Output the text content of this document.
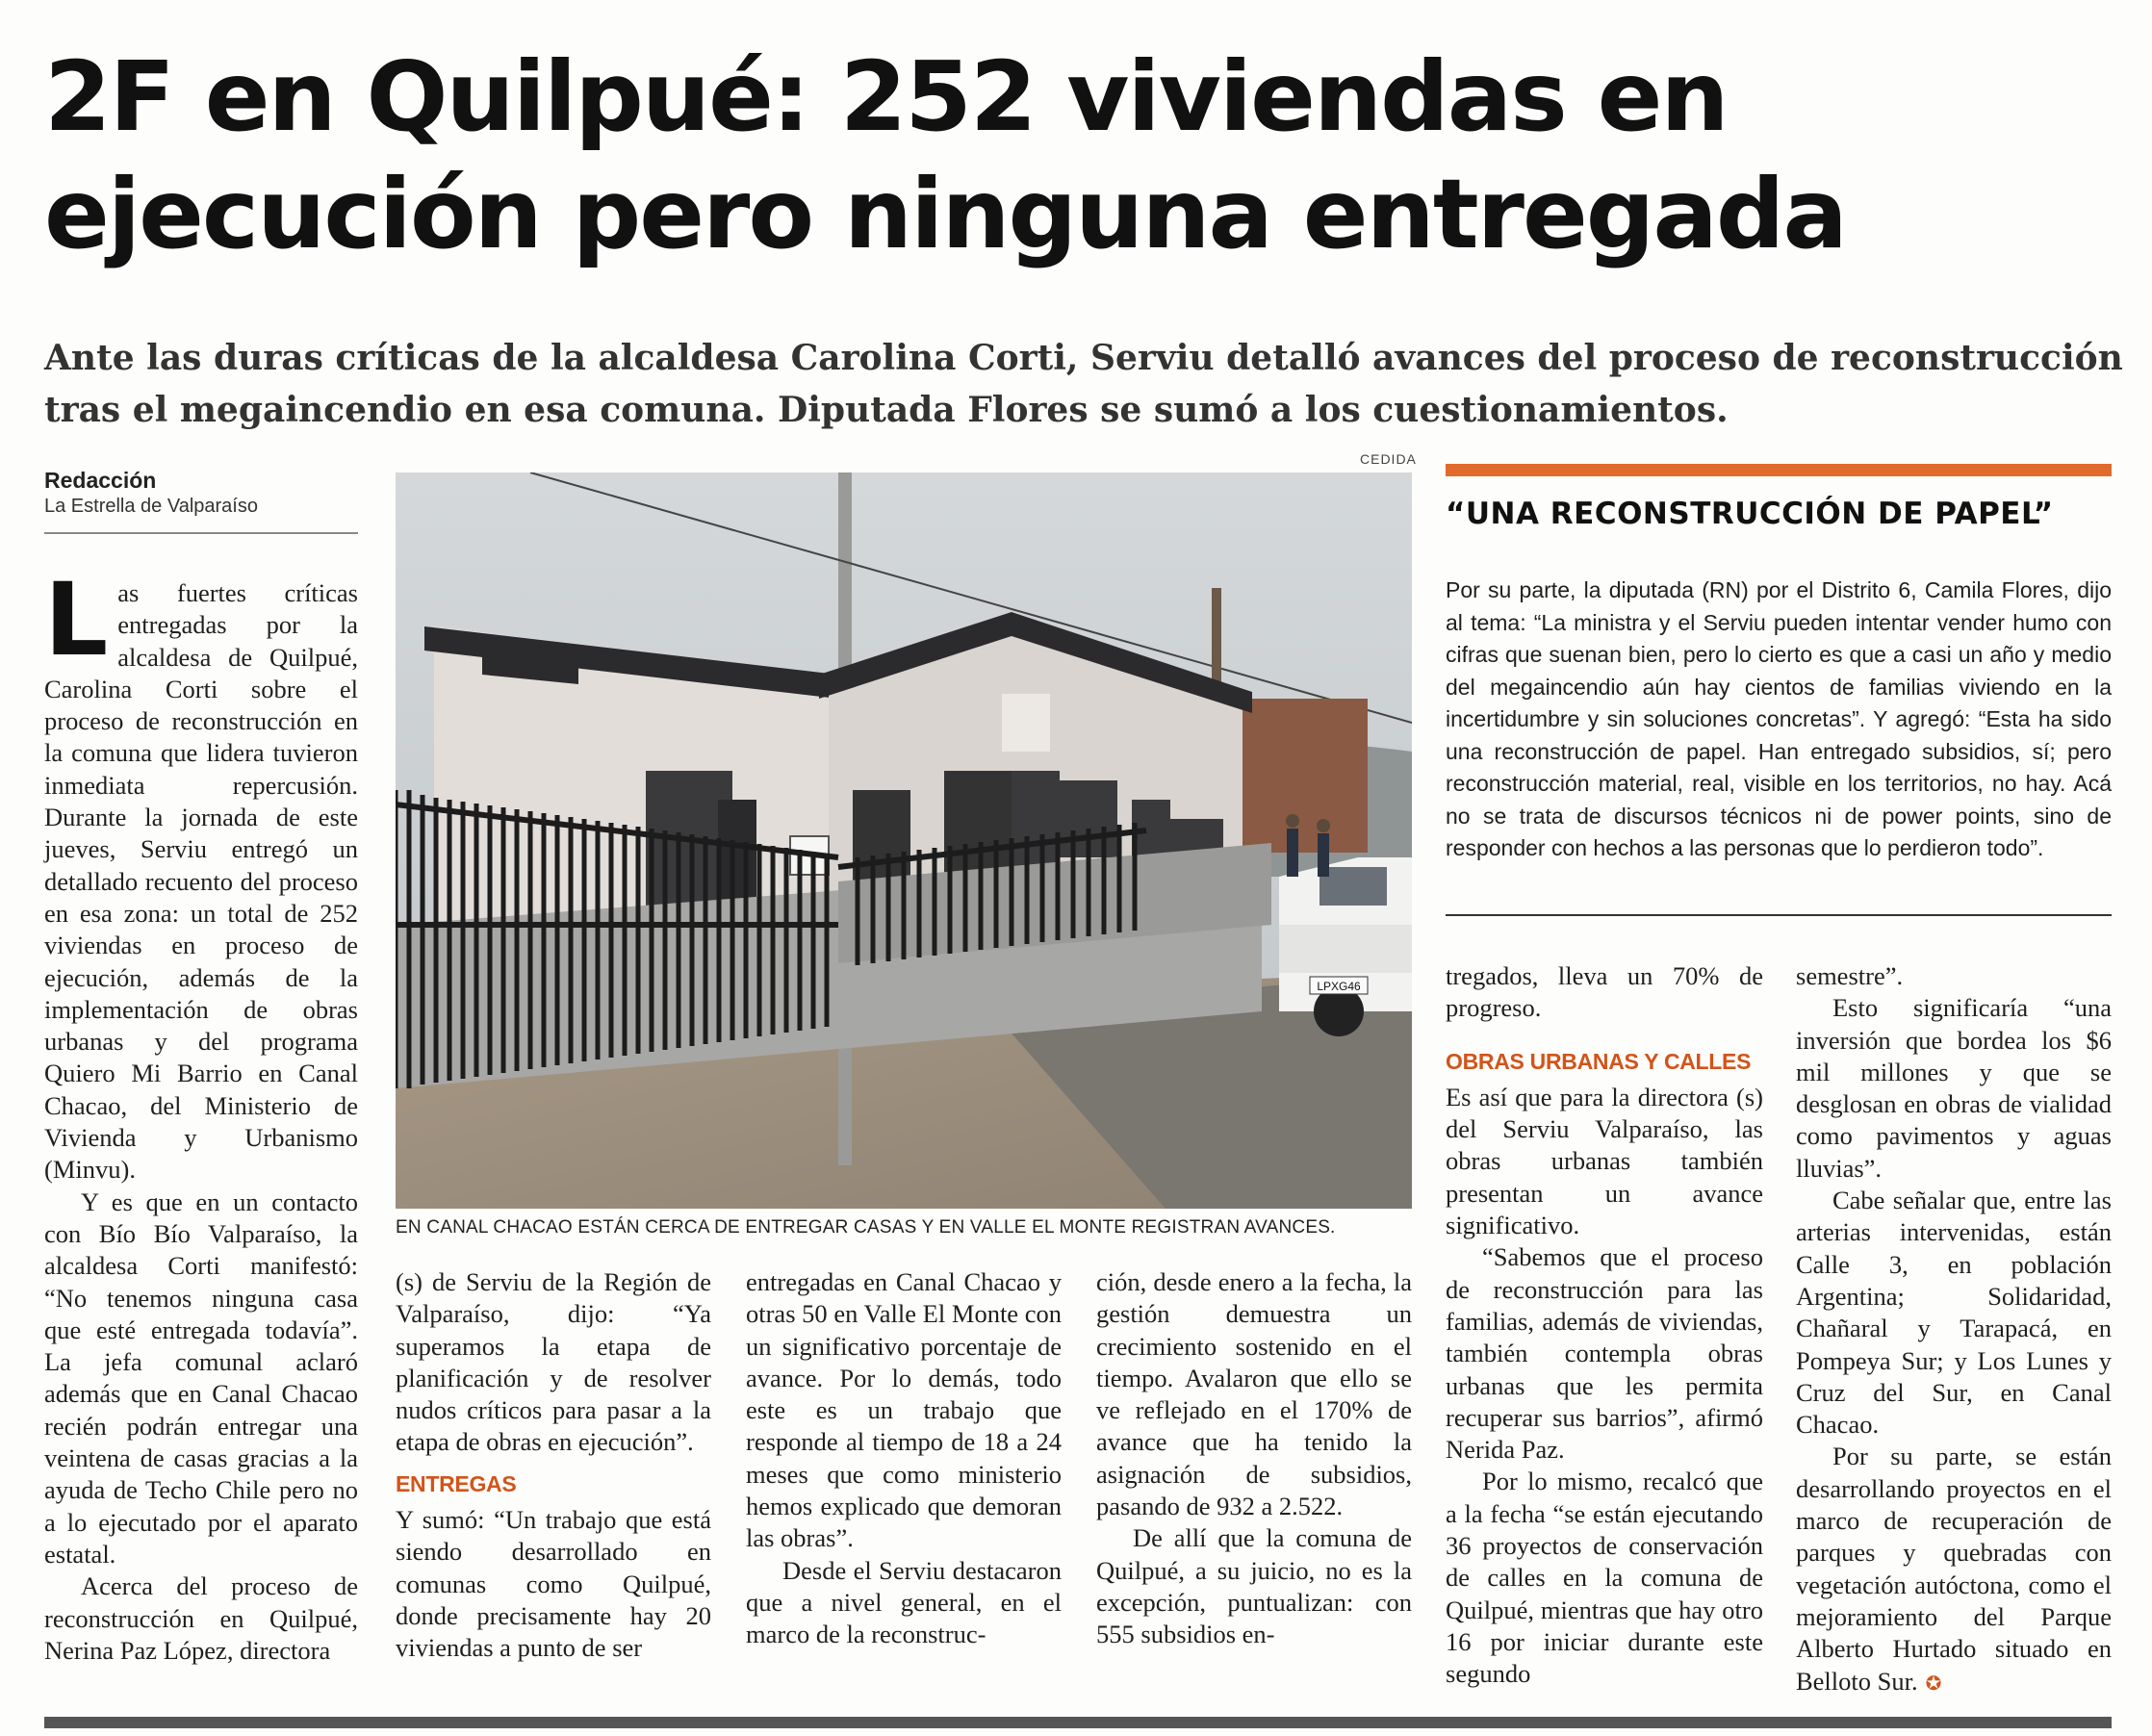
2F en Quilpué: 252 viviendas en ejecución pero ninguna entregada

Ante las duras críticas de la alcaldesa Carolina Corti, Serviu detalló avances del proceso de reconstrucción tras el megaincendio en esa comuna. Diputada Flores se sumó a los cuestionamientos.

Redacción
La Estrella de Valparaíso

Las fuertes críticas entregadas por la alcaldesa de Quilpué, Carolina Corti sobre el proceso de reconstrucción en la comuna que lidera tuvieron inmediata repercusión. Durante la jornada de este jueves, Serviu entregó un detallado recuento del proceso en esa zona: un total de 252 viviendas en proceso de ejecución, además de la implementación de obras urbanas y del programa Quiero Mi Barrio en Canal Chacao, del Ministerio de Vivienda y Urbanismo (Minvu).

Y es que en un contacto con Bío Bío Valparaíso, la alcaldesa Corti manifestó: “No tenemos ninguna casa que esté entregada todavía”. La jefa comunal aclaró además que en Canal Chacao recién podrán entregar una veintena de casas gracias a la ayuda de Techo Chile pero no a lo ejecutado por el aparato estatal.

Acerca del proceso de reconstrucción en Quilpué, Nerina Paz López, directora

CEDIDA
LPXG46
EN CANAL CHACAO ESTÁN CERCA DE ENTREGAR CASAS Y EN VALLE EL MONTE REGISTRAN AVANCES.

(s) de Serviu de la Región de Valparaíso, dijo: “Ya superamos la etapa de planificación y de resolver nudos críticos para pasar a la etapa de obras en ejecución”.

ENTREGAS

Y sumó: “Un trabajo que está siendo desarrollado en comunas como Quilpué, donde precisamente hay 20 viviendas a punto de ser

entregadas en Canal Chacao y otras 50 en Valle El Monte con un significativo porcentaje de avance. Por lo demás, todo este es un trabajo que responde al tiempo de 18 a 24 meses que como ministerio hemos explicado que demoran las obras”.

Desde el Serviu destacaron que a nivel general, en el marco de la reconstruc-

ción, desde enero a la fecha, la gestión demuestra un crecimiento sostenido en el tiempo. Avalaron que ello se ve reflejado en el 170% de avance que ha tenido la asignación de subsidios, pasando de 932 a 2.522.

De allí que la comuna de Quilpué, a su juicio, no es la excepción, puntualizan: con 555 subsidios en-

“UNA RECONSTRUCCIÓN DE PAPEL”

Por su parte, la diputada (RN) por el Distrito 6, Camila Flores, dijo al tema: “La ministra y el Serviu pueden intentar vender humo con cifras que suenan bien, pero lo cierto es que a casi un año y medio del megaincendio aún hay cientos de familias viviendo en la incertidumbre y sin soluciones concretas”. Y agregó: “Esta ha sido una reconstrucción de papel. Han entregado subsidios, sí; pero reconstrucción material, real, visible en los territorios, no hay. Acá no se trata de discursos técnicos ni de power points, sino de responder con hechos a las personas que lo perdieron todo”.

tregados, lleva un 70% de progreso.

OBRAS URBANAS Y CALLES

Es así que para la directora (s) del Serviu Valparaíso, las obras urbanas también presentan un avance significativo.

“Sabemos que el proceso de reconstrucción para las familias, además de viviendas, también contempla obras urbanas que les permita recuperar sus barrios”, afirmó Nerida Paz.

Por lo mismo, recalcó que a la fecha “se están ejecutando 36 proyectos de conservación de calles en la comuna de Quilpué, mientras que hay otro 16 por iniciar durante este segundo

semestre”.

Esto significaría “una inversión que bordea los $6 mil millones y que se desglosan en obras de vialidad como pavimentos y aguas lluvias”.

Cabe señalar que, entre las arterias intervenidas, están Calle 3, en población Argentina; Solidaridad, Chañaral y Tarapacá, en Pompeya Sur; y Los Lunes y Cruz del Sur, en Canal Chacao.

Por su parte, se están desarrollando proyectos en el marco de recuperación de parques y quebradas con vegetación autóctona, como el mejoramiento del Parque Alberto Hurtado situado en Belloto Sur. ✪
